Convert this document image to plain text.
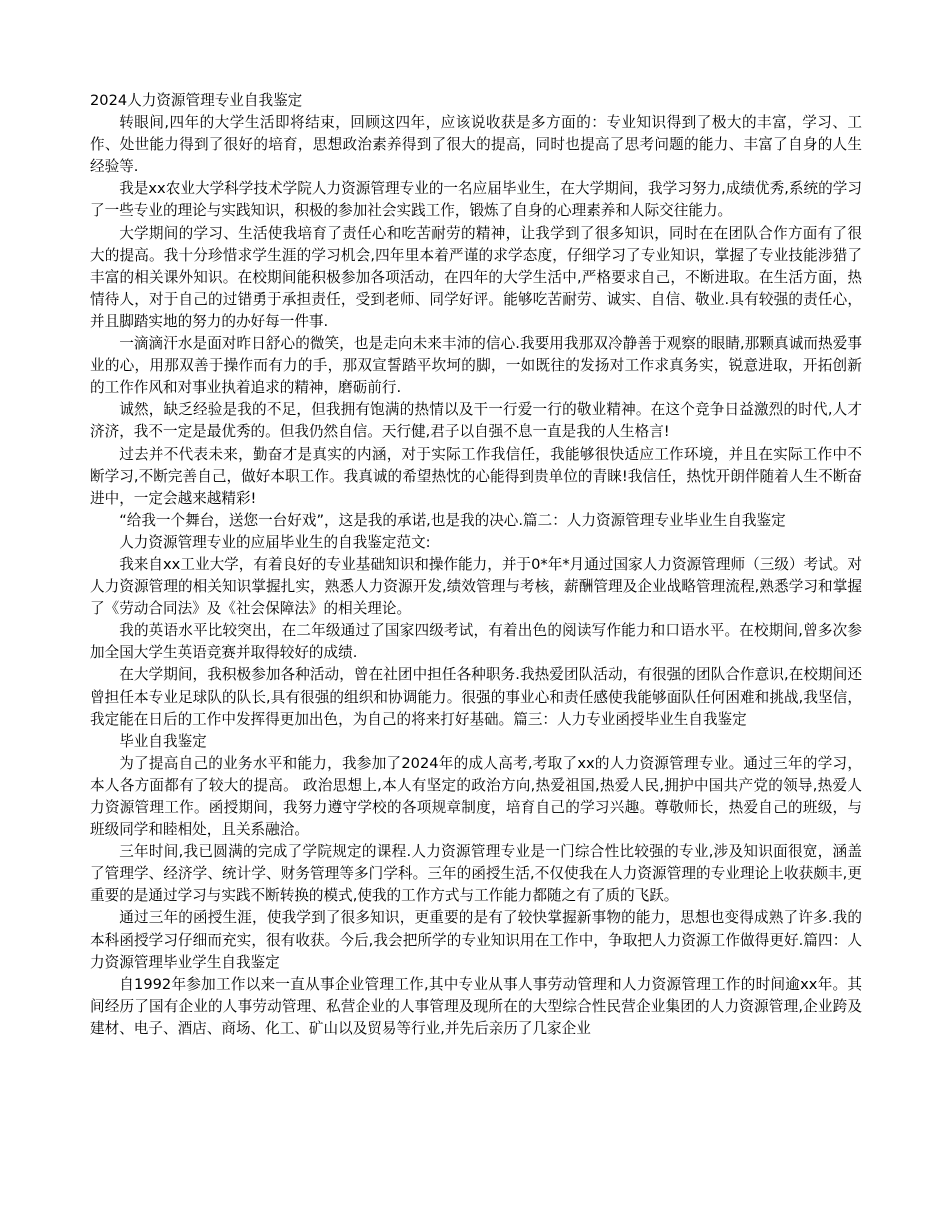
2024人力资源管理专业自我鉴定

转眼间,四年的大学生活即将结束，回顾这四年，应该说收获是多方面的：专业知识得到了极大的丰富，学习、工作、处世能力得到了很好的培育，思想政治素养得到了很大的提高，同时也提高了思考问题的能力、丰富了自身的人生经验等.

我是xx农业大学科学技术学院人力资源管理专业的一名应届毕业生，在大学期间，我学习努力,成绩优秀,系统的学习了一些专业的理论与实践知识，积极的参加社会实践工作，锻炼了自身的心理素养和人际交往能力。

大学期间的学习、生活使我培育了责任心和吃苦耐劳的精神，让我学到了很多知识，同时在在团队合作方面有了很大的提高。我十分珍惜求学生涯的学习机会,四年里本着严谨的求学态度，仔细学习了专业知识，掌握了专业技能涉猎了丰富的相关课外知识。在校期间能积极参加各项活动，在四年的大学生活中,严格要求自己，不断进取。在生活方面，热情待人，对于自己的过错勇于承担责任，受到老师、同学好评。能够吃苦耐劳、诚实、自信、敬业.具有较强的责任心，并且脚踏实地的努力的办好每一件事.

一滴滴汗水是面对昨日舒心的微笑，也是走向未来丰沛的信心.我要用我那双冷静善于观察的眼睛,那颗真诚而热爱事业的心，用那双善于操作而有力的手，那双宣誓踏平坎坷的脚，一如既往的发扬对工作求真务实，锐意进取，开拓创新的工作作风和对事业执着追求的精神，磨砺前行.

诚然，缺乏经验是我的不足，但我拥有饱满的热情以及干一行爱一行的敬业精神。在这个竞争日益激烈的时代,人才济济，我不一定是最优秀的。但我仍然自信。天行健,君子以自强不息一直是我的人生格言!

过去并不代表未来，勤奋才是真实的内涵，对于实际工作我信任，我能够很快适应工作环境，并且在实际工作中不断学习,不断完善自己，做好本职工作。我真诚的希望热忱的心能得到贵单位的青睐!我信任，热忱开朗伴随着人生不断奋进中，一定会越来越精彩!

“给我一个舞台，送您一台好戏”，这是我的承诺,也是我的决心.篇二：人力资源管理专业毕业生自我鉴定

人力资源管理专业的应届毕业生的自我鉴定范文:

我来自xx工业大学，有着良好的专业基础知识和操作能力，并于0*年*月通过国家人力资源管理师（三级）考试。对人力资源管理的相关知识掌握扎实，熟悉人力资源开发,绩效管理与考核，薪酬管理及企业战略管理流程,熟悉学习和掌握了《劳动合同法》及《社会保障法》的相关理论。

我的英语水平比较突出，在二年级通过了国家四级考试，有着出色的阅读写作能力和口语水平。在校期间,曾多次参加全国大学生英语竞赛并取得较好的成绩.

在大学期间，我积极参加各种活动，曾在社团中担任各种职务.我热爱团队活动，有很强的团队合作意识,在校期间还曾担任本专业足球队的队长,具有很强的组织和协调能力。很强的事业心和责任感使我能够面队任何困难和挑战,我坚信，我定能在日后的工作中发挥得更加出色，为自己的将来打好基础。篇三：人力专业函授毕业生自我鉴定

毕业自我鉴定

为了提高自己的业务水平和能力，我参加了2024年的成人高考,考取了xx的人力资源管理专业。通过三年的学习，本人各方面都有了较大的提高。 政治思想上,本人有坚定的政治方向,热爱祖国,热爱人民,拥护中国共产党的领导,热爱人力资源管理工作。函授期间，我努力遵守学校的各项规章制度，培育自己的学习兴趣。尊敬师长，热爱自己的班级，与班级同学和睦相处，且关系融洽。

三年时间,我已圆满的完成了学院规定的课程.人力资源管理专业是一门综合性比较强的专业,涉及知识面很宽，涵盖了管理学、经济学、统计学、财务管理等多门学科。三年的函授生活,不仅使我在人力资源管理的专业理论上收获颇丰,更重要的是通过学习与实践不断转换的模式,使我的工作方式与工作能力都随之有了质的飞跃。

通过三年的函授生涯，使我学到了很多知识，更重要的是有了较快掌握新事物的能力，思想也变得成熟了许多.我的本科函授学习仔细而充实，很有收获。今后,我会把所学的专业知识用在工作中，争取把人力资源工作做得更好.篇四：人力资源管理毕业学生自我鉴定

自1992年参加工作以来一直从事企业管理工作,其中专业从事人事劳动管理和人力资源管理工作的时间逾xx年。其间经历了国有企业的人事劳动管理、私营企业的人事管理及现所在的大型综合性民营企业集团的人力资源管理,企业跨及建材、电子、酒店、商场、化工、矿山以及贸易等行业,并先后亲历了几家企业
